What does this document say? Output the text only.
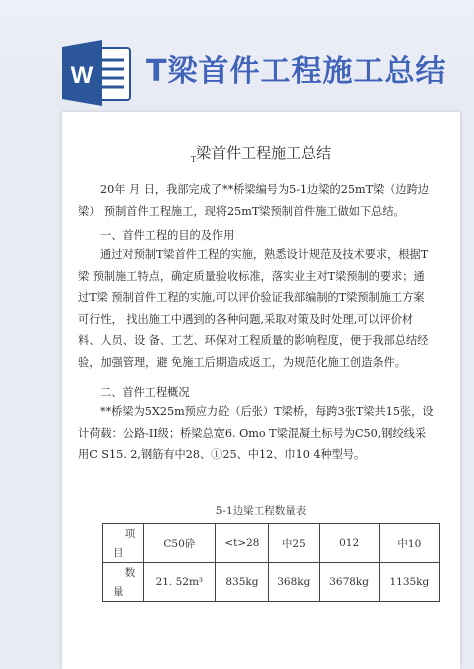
W T梁首件工程施工总结
$_T$梁首件工程施工总结
20年 月 日，我部完成了**桥梁编号为5-1边梁的25mT梁（边跨边梁） 预制首件工程施工，现将25mT梁预制首件施工做如下总结。
一、首件工程的目的及作用
通过对预制T梁首件工程的实施，熟悉设计规范及技术要求，根据T梁 预制施工特点，确定质量验收标准，落实业主对T梁预制的要求；通过T梁 预制首件工程的实施,可以评价验证我部编制的T梁预制施工方案可行性， 找出施工中遇到的各种问题,采取对策及时处理,可以评价材料、人员、设 备、工艺、环保对工程质量的影响程度，便于我部总结经验，加强管理，避 免施工后期造成返工，为规范化施工创造条件。
二、首件工程概况
**桥梁为5X25m预应力砼（后张）T梁桥，每跨3张T梁共15张，设 计荷载：公路-II级；桥梁总宽6. Omo T梁混凝土标号为C50,钢绞线采用C S15. 2,钢筋有中28、①25、中12、巾10 4种型号。
5-1边梁工程数量表
项
目	C50砕	<t>28	中25	012	中10

数
量	21. 52m³	835kg	368kg	3678kg	1135kg
